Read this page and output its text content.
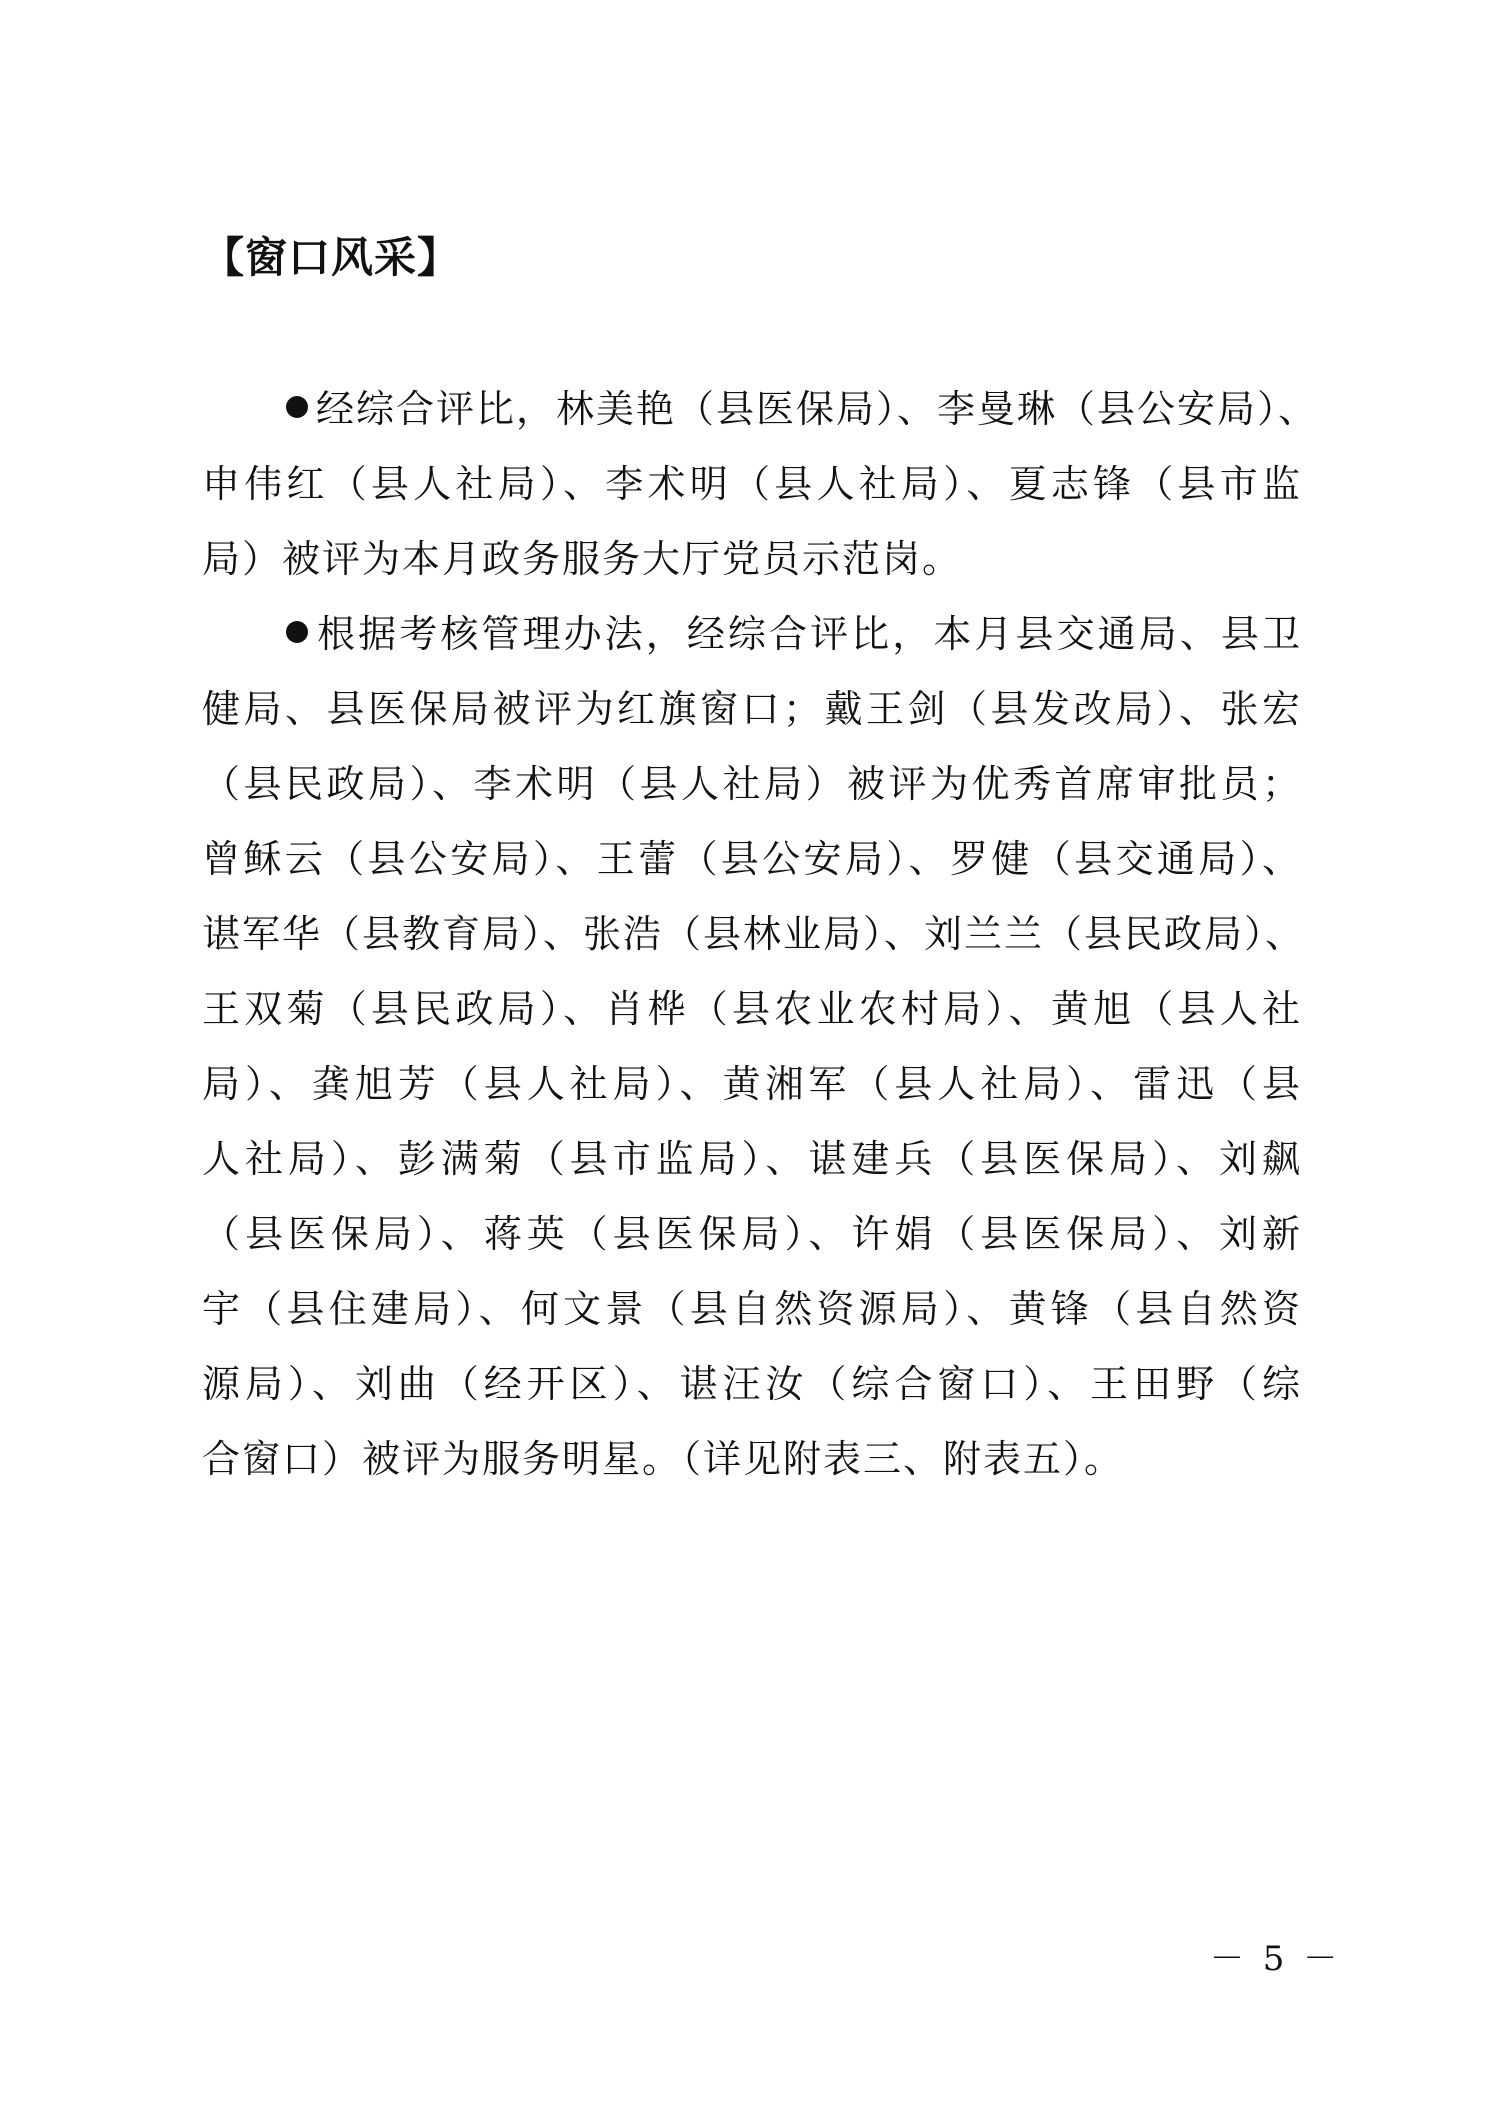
【窗口风采】
经综合评比，林美艳（县医保局）、李曼琳（县公安局）、
申伟红（县人社局）、李术明（县人社局）、夏志锋（县市监
局）被评为本月政务服务大厅党员示范岗。
根据考核管理办法，经综合评比，本月县交通局、县卫
健局、县医保局被评为红旗窗口；戴王剑（县发改局）、张宏
（县民政局）、李术明（县人社局）被评为优秀首席审批员；
曾稣云（县公安局）、王蕾（县公安局）、罗健（县交通局）、
谌军华（县教育局）、张浩（县林业局）、刘兰兰（县民政局）、
王双菊（县民政局）、肖桦（县农业农村局）、黄旭（县人社
局）、龚旭芳（县人社局）、黄湘军（县人社局）、雷迅（县
人社局）、彭满菊（县市监局）、谌建兵（县医保局）、刘飙
（县医保局）、蒋英（县医保局）、许娟（县医保局）、刘新
宇（县住建局）、何文景（县自然资源局）、黄锋（县自然资
源局）、刘曲（经开区）、谌汪汝（综合窗口）、王田野（综
合窗口）被评为服务明星。（详见附表三、附表五）。
－ 5 －
